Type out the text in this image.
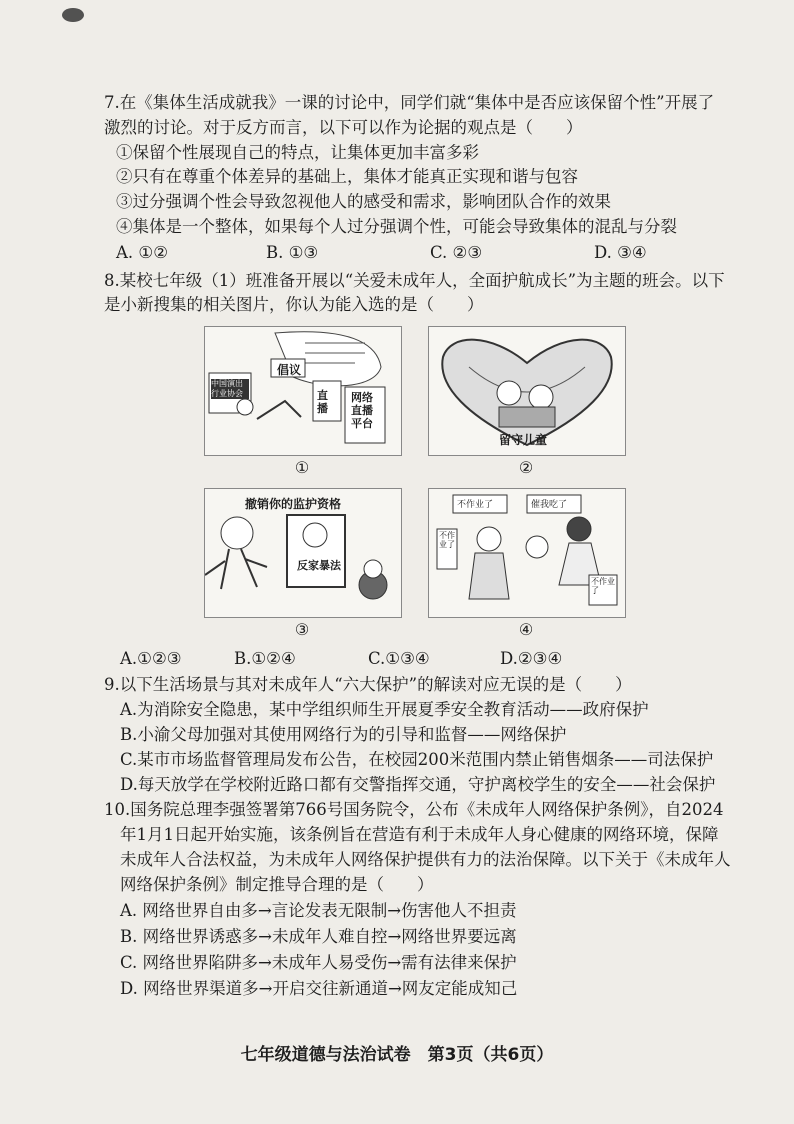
7.在《集体生活成就我》一课的讨论中，同学们就“集体中是否应该保留个性”开展了
激烈的讨论。对于反方而言，以下可以作为论据的观点是（　　）
①保留个性展现自己的特点，让集体更加丰富多彩
②只有在尊重个体差异的基础上，集体才能真正实现和谐与包容
③过分强调个性会导致忽视他人的感受和需求，影响团队合作的效果
④集体是一个整体，如果每个人过分强调个性，可能会导致集体的混乱与分裂
A. ①②	B. ①③	C. ②③	D. ③④
8.某校七年级（1）班准备开展以“关爱未成年人，全面护航成长”为主题的班会。以下
是小新搜集的相关图片，你认为能入选的是（　　）
中国演出行业协会
倡议
直播
网络直播平台
①
留守儿童
②
撤销你的监护资格
反家暴法
③
不作业了	催我吃了
不作业了
不作业了
④
A.①②③	B.①②④	C.①③④	D.②③④
9.以下生活场景与其对未成年人“六大保护”的解读对应无误的是（　　）
A.为消除安全隐患，某中学组织师生开展夏季安全教育活动——政府保护
B.小渝父母加强对其使用网络行为的引导和监督——网络保护
C.某市市场监督管理局发布公告，在校园200米范围内禁止销售烟条——司法保护
D.每天放学在学校附近路口都有交警指挥交通，守护离校学生的安全——社会保护
10.国务院总理李强签署第766号国务院令，公布《未成年人网络保护条例》，自2024
年1月1日起开始实施，该条例旨在营造有利于未成年人身心健康的网络环境，保障
未成年人合法权益，为未成年人网络保护提供有力的法治保障。以下关于《未成年人
网络保护条例》制定推导合理的是（　　）
A. 网络世界自由多→言论发表无限制→伤害他人不担责
B. 网络世界诱惑多→未成年人难自控→网络世界要远离
C. 网络世界陷阱多→未成年人易受伤→需有法律来保护
D. 网络世界渠道多→开启交往新通道→网友定能成知己
七年级道德与法治试卷　第3页（共6页）
